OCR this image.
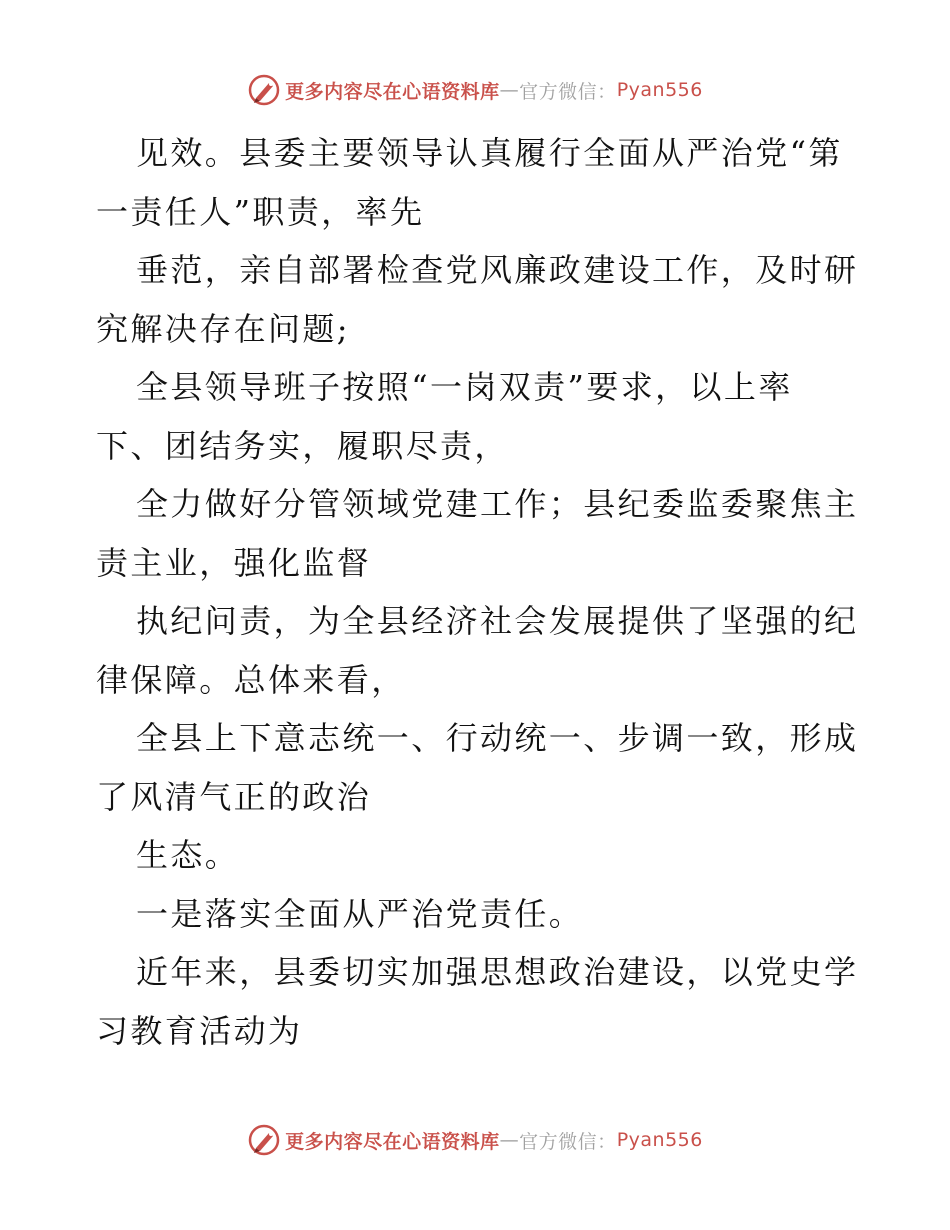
更多内容尽在心语资料库 — 官方微信： Pyan556
见效。县委主要领导认真履行全面从严治党“第
一责任人”职责，率先
垂范，亲自部署检查党风廉政建设工作，及时研
究解决存在问题;
全县领导班子按照“一岗双责”要求，以上率
下、团结务实，履职尽责，
全力做好分管领域党建工作；县纪委监委聚焦主
责主业，强化监督
执纪问责，为全县经济社会发展提供了坚强的纪
律保障。总体来看，
全县上下意志统一、行动统一、步调一致，形成
了风清气正的政治
生态。
一是落实全面从严治党责任。
近年来，县委切实加强思想政治建设，以党史学
习教育活动为
更多内容尽在心语资料库 — 官方微信： Pyan556
